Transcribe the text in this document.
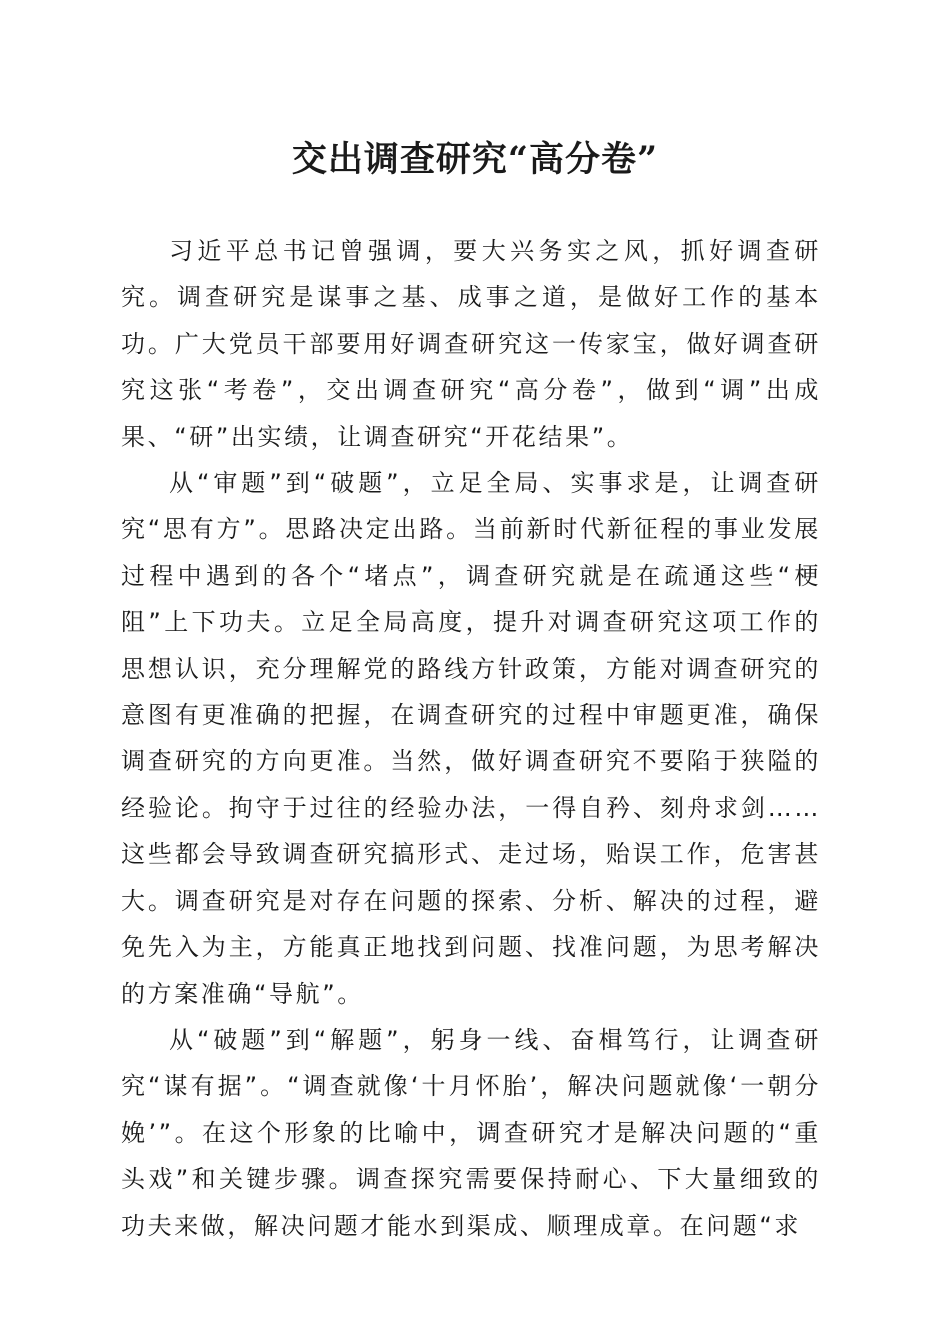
交出调查研究“高分卷”

习近平总书记曾强调，要大兴务实之风，抓好调查研究。调查研究是谋事之基、成事之道，是做好工作的基本功。广大党员干部要用好调查研究这一传家宝，做好调查研究这张“考卷”，交出调查研究“高分卷”，做到“调”出成果、“研”出实绩，让调查研究“开花结果”。

从“审题”到“破题”，立足全局、实事求是，让调查研究“思有方”。思路决定出路。当前新时代新征程的事业发展过程中遇到的各个“堵点”，调查研究就是在疏通这些“梗阻”上下功夫。立足全局高度，提升对调查研究这项工作的思想认识，充分理解党的路线方针政策，方能对调查研究的意图有更准确的把握，在调查研究的过程中审题更准，确保调查研究的方向更准。当然，做好调查研究不要陷于狭隘的经验论。拘守于过往的经验办法，一得自矜、刻舟求剑……这些都会导致调查研究搞形式、走过场，贻误工作，危害甚大。调查研究是对存在问题的探索、分析、解决的过程，避免先入为主，方能真正地找到问题、找准问题，为思考解决的方案准确“导航”。

从“破题”到“解题”，躬身一线、奋楫笃行，让调查研究“谋有据”。“调查就像‘十月怀胎’，解决问题就像‘一朝分娩’”。在这个形象的比喻中，调查研究才是解决问题的“重头戏”和关键步骤。调查探究需要保持耐心、下大量细致的功夫来做，解决问题才能水到渠成、顺理成章。在问题“求
